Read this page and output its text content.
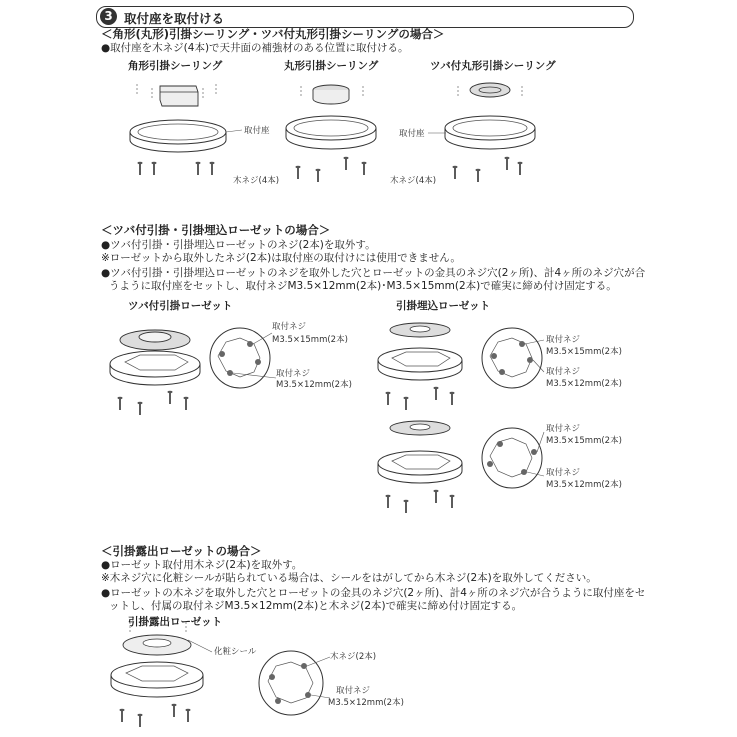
3 取付座を取付ける
＜角形(丸形)引掛シーリング・ツバ付丸形引掛シーリングの場合＞
●取付座を木ネジ(4本)で天井面の補強材のある位置に取付ける。
角形引掛シーリング	丸形引掛シーリング	ツバ付丸形引掛シーリング
取付座	取付座
木ネジ(4本)	木ネジ(4本)
＜ツバ付引掛・引掛埋込ローゼットの場合＞
●ツバ付引掛・引掛埋込ローゼットのネジ(2本)を取外す。
※ローゼットから取外したネジ(2本)は取付座の取付けには使用できません。
●ツバ付引掛・引掛埋込ローゼットのネジを取外した穴とローゼットの金具のネジ穴(2ヶ所)、計4ヶ所のネジ穴が合
うように取付座をセットし、取付ネジM3.5×12mm(2本)･M3.5×15mm(2本)で確実に締め付け固定する。
ツバ付引掛ローゼット	引掛埋込ローゼット
取付ネジ
M3.5×15mm(2本)
取付ネジ
M3.5×12mm(2本)
取付ネジ
M3.5×15mm(2本)
取付ネジ
M3.5×12mm(2本)
取付ネジ
M3.5×15mm(2本)
取付ネジ
M3.5×12mm(2本)
＜引掛露出ローゼットの場合＞
●ローゼット取付用木ネジ(2本)を取外す。
※木ネジ穴に化粧シールが貼られている場合は、シールをはがしてから木ネジ(2本)を取外してください。
●ローゼットの木ネジを取外した穴とローゼットの金具のネジ穴(2ヶ所)、計4ヶ所のネジ穴が合うように取付座をセ
ットし、付属の取付ネジM3.5×12mm(2本)と木ネジ(2本)で確実に締め付け固定する。
引掛露出ローゼット
化粧シール	木ネジ(2本)
取付ネジ
M3.5×12mm(2本)
